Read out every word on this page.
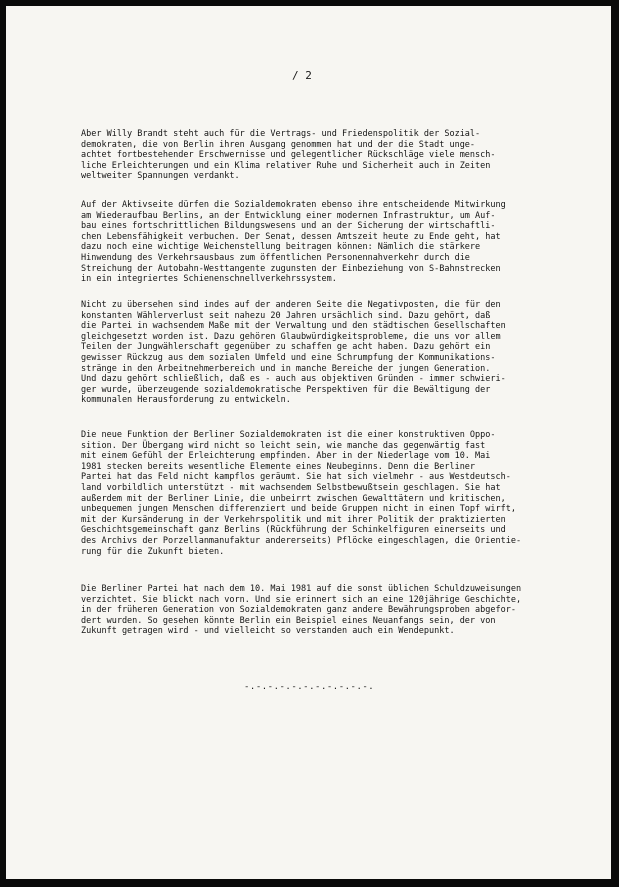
/ 2

Aber Willy Brandt steht auch für die Vertrags- und Friedenspolitik der Sozial-
demokraten, die von Berlin ihren Ausgang genommen hat und der die Stadt unge-
achtet fortbestehender Erschwernisse und gelegentlicher Rückschläge viele mensch-
liche Erleichterungen und ein Klima relativer Ruhe und Sicherheit auch in Zeiten
weltweiter Spannungen verdankt.

Auf der Aktivseite dürfen die Sozialdemokraten ebenso ihre entscheidende Mitwirkung
am Wiederaufbau Berlins, an der Entwicklung einer modernen Infrastruktur, um Auf-
bau eines fortschrittlichen Bildungswesens und an der Sicherung der wirtschaftli-
chen Lebensfähigkeit verbuchen. Der Senat, dessen Amtszeit heute zu Ende geht, hat
dazu noch eine wichtige Weichenstellung beitragen können: Nämlich die stärkere
Hinwendung des Verkehrsausbaus zum öffentlichen Personennahverkehr durch die
Streichung der Autobahn-Westtangente zugunsten der Einbeziehung von S-Bahnstrecken
in ein integriertes Schienenschnellverkehrssystem.

Nicht zu übersehen sind indes auf der anderen Seite die Negativposten, die für den
konstanten Wählerverlust seit nahezu 20 Jahren ursächlich sind. Dazu gehört, daß
die Partei in wachsendem Maße mit der Verwaltung und den städtischen Gesellschaften
gleichgesetzt worden ist. Dazu gehören Glaubwürdigkeitsprobleme, die uns vor allem
Teilen der Jungwählerschaft gegenüber zu schaffen ge acht haben. Dazu gehört ein
gewisser Rückzug aus dem sozialen Umfeld und eine Schrumpfung der Kommunikations-
stränge in den Arbeitnehmerbereich und in manche Bereiche der jungen Generation.
Und dazu gehört schließlich, daß es - auch aus objektiven Gründen - immer schwieri-
ger wurde, überzeugende sozialdemokratische Perspektiven für die Bewältigung der
kommunalen Herausforderung zu entwickeln.

Die neue Funktion der Berliner Sozialdemokraten ist die einer konstruktiven Oppo-
sition. Der Übergang wird nicht so leicht sein, wie manche das gegenwärtig fast
mit einem Gefühl der Erleichterung empfinden. Aber in der Niederlage vom 10. Mai
1981 stecken bereits wesentliche Elemente eines Neubeginns. Denn die Berliner
Partei hat das Feld nicht kampflos geräumt. Sie hat sich vielmehr - aus Westdeutsch-
land vorbildlich unterstützt - mit wachsendem Selbstbewußtsein geschlagen. Sie hat
außerdem mit der Berliner Linie, die unbeirrt zwischen Gewalttätern und kritischen,
unbequemen jungen Menschen differenziert und beide Gruppen nicht in einen Topf wirft,
mit der Kursänderung in der Verkehrspolitik und mit ihrer Politik der praktizierten
Geschichtsgemeinschaft ganz Berlins (Rückführung der Schinkelfiguren einerseits und
des Archivs der Porzellanmanufaktur andererseits) Pflöcke eingeschlagen, die Orientie-
rung für die Zukunft bieten.

Die Berliner Partei hat nach dem 10. Mai 1981 auf die sonst üblichen Schuldzuweisungen
verzichtet. Sie blickt nach vorn. Und sie erinnert sich an eine 120jährige Geschichte,
in der früheren Generation von Sozialdemokraten ganz andere Bewährungsproben abgefor-
dert wurden. So gesehen könnte Berlin ein Beispiel eines Neuanfangs sein, der von
Zukunft getragen wird - und vielleicht so verstanden auch ein Wendepunkt.

-.-.-.-.-.-.-.-.-.-.-.
